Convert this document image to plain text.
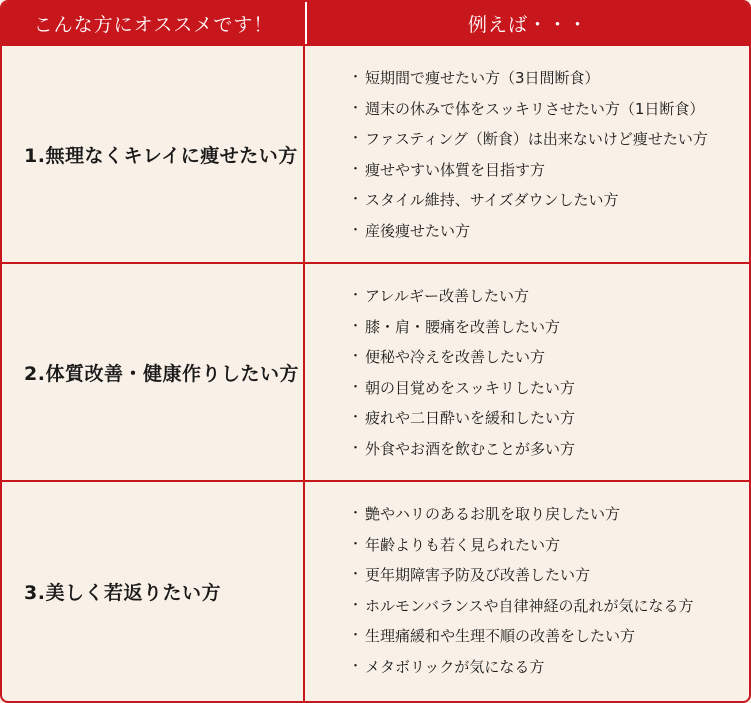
こんな方にオススメです！	例えば・・・
1.無理なくキレイに痩せたい方
・ 短期間で痩せたい方（3日間断食）
・ 週末の休みで体をスッキリさせたい方（1日断食）
・ ファスティング（断食）は出来ないけど痩せたい方
・ 痩せやすい体質を目指す方
・ スタイル維持、サイズダウンしたい方
・ 産後痩せたい方
2.体質改善・健康作りしたい方
・ アレルギー改善したい方
・ 膝・肩・腰痛を改善したい方
・ 便秘や冷えを改善したい方
・ 朝の目覚めをスッキリしたい方
・ 疲れや二日酔いを緩和したい方
・ 外食やお酒を飲むことが多い方
3.美しく若返りたい方
・ 艶やハリのあるお肌を取り戻したい方
・ 年齢よりも若く見られたい方
・ 更年期障害予防及び改善したい方
・ ホルモンバランスや自律神経の乱れが気になる方
・ 生理痛緩和や生理不順の改善をしたい方
・ メタボリックが気になる方
